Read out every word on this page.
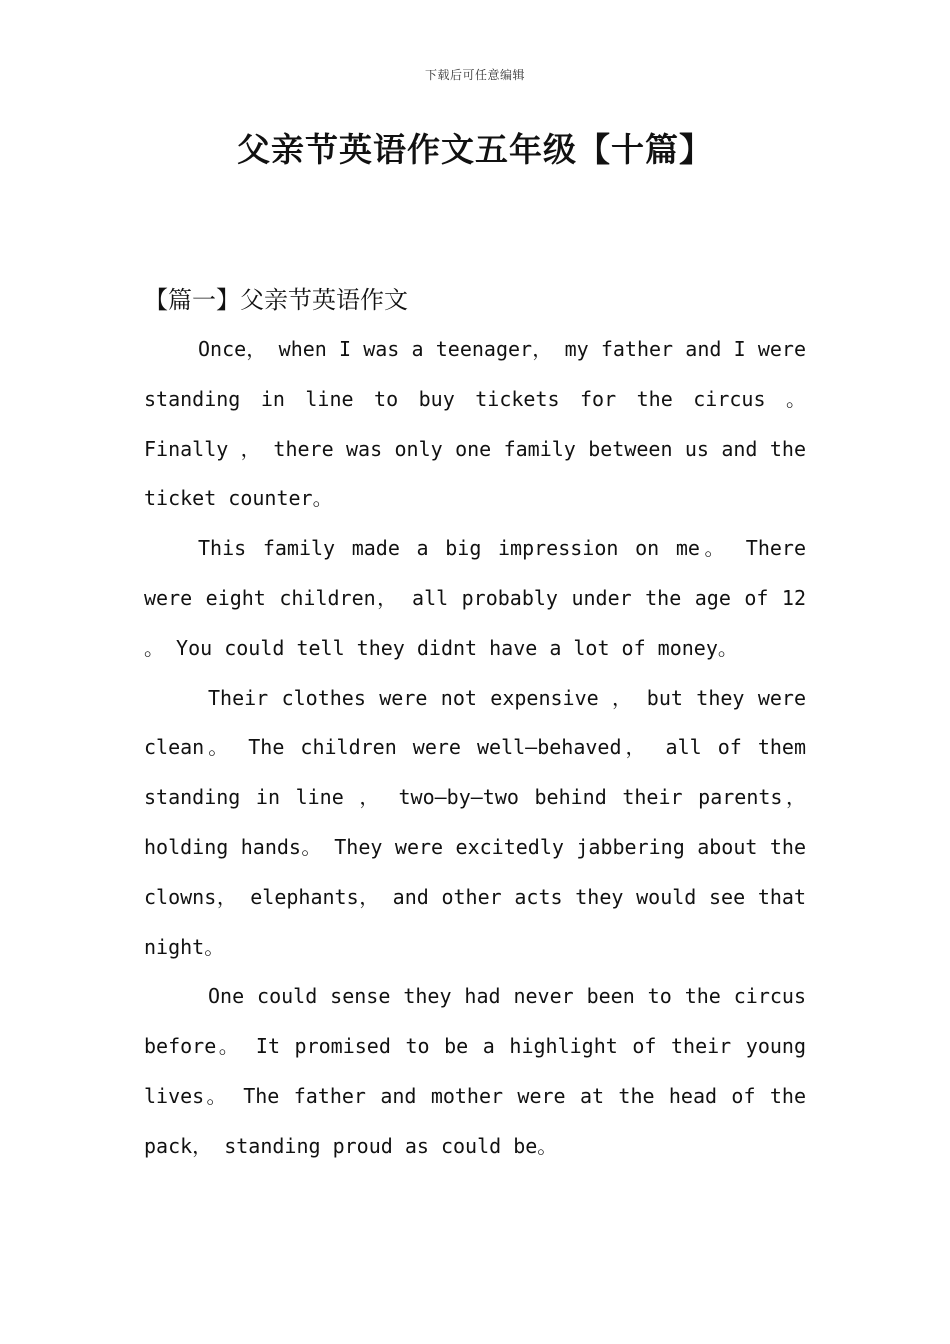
下载后可任意编辑
父亲节英语作文五年级【十篇】
【篇一】父亲节英语作文

Once， when I was a teenager， my father and I were standing in line to buy tickets for the circus 。 Finally ， there was only one family between us and the ticket counter。

This family made a big impression on me。 There were eight children， all probably under the age of 12 。 You could tell they didnt have a lot of money。

Their clothes were not expensive ， but they were clean。 The children were well—behaved， all of them standing in line ， two—by—two behind their parents， holding hands。 They were excitedly jabbering about the clowns， elephants， and other acts they would see that night。

One could sense they had never been to the circus before。 It promised to be a highlight of their young lives。 The father and mother were at the head of the pack， standing proud as could be。
